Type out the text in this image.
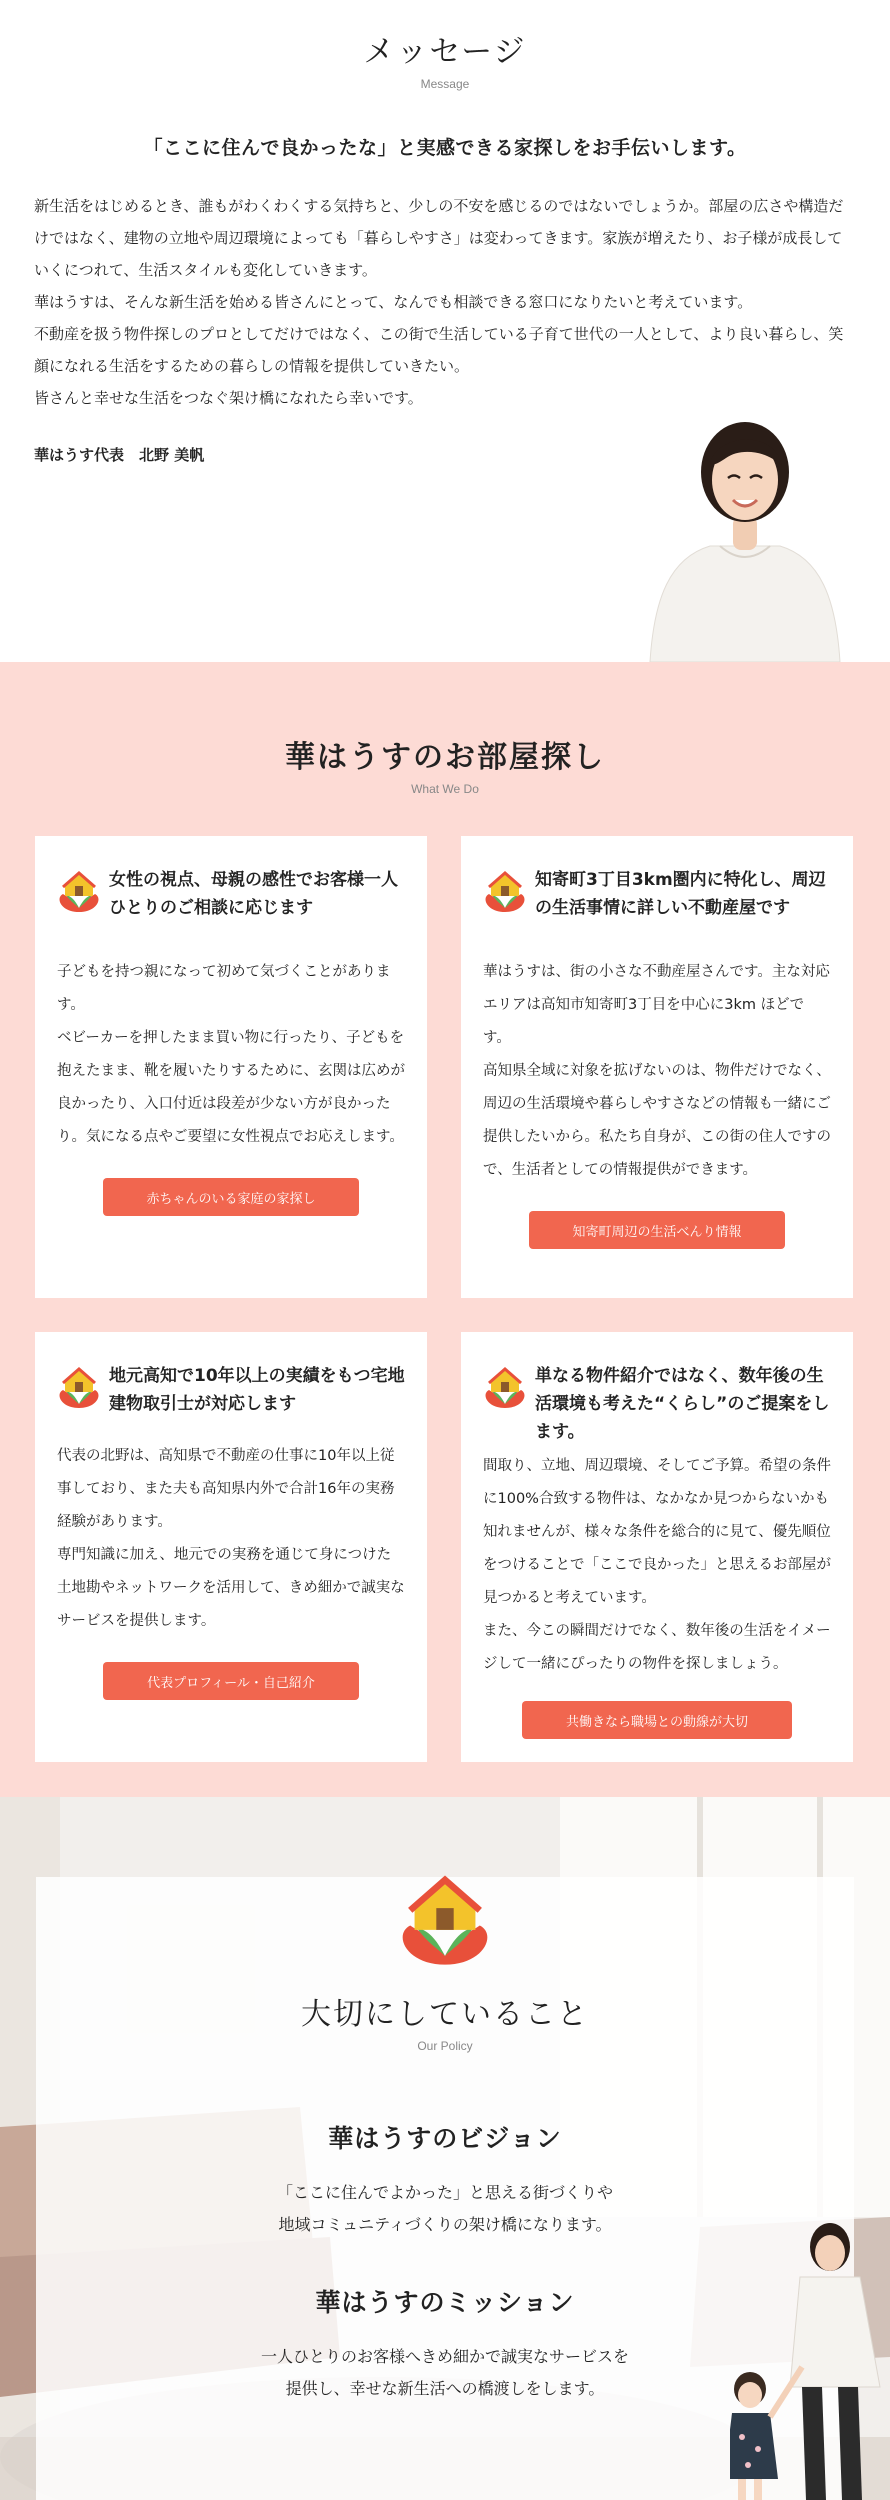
メッセージ
Message

「ここに住んで良かったな」と実感できる家探しをお手伝いします。

新生活をはじめるとき、誰もがわくわくする気持ちと、少しの不安を感じるのではないでしょうか。部屋の広さや構造だけではなく、建物の立地や周辺環境によっても「暮らしやすさ」は変わってきます。家族が増えたり、お子様が成長していくにつれて、生活スタイルも変化していきます。

華はうすは、そんな新生活を始める皆さんにとって、なんでも相談できる窓口になりたいと考えています。

不動産を扱う物件探しのプロとしてだけではなく、この街で生活している子育て世代の一人として、より良い暮らし、笑顔になれる生活をするための暮らしの情報を提供していきたい。

皆さんと幸せな生活をつなぐ架け橋になれたら幸いです。

華はうす代表　北野 美帆

華はうすのお部屋探し
What We Do
女性の視点、母親の感性でお客様一人ひとりのご相談に応じます

子どもを持つ親になって初めて気づくことがあります。

ベビーカーを押したまま買い物に行ったり、子どもを抱えたまま、靴を履いたりするために、玄関は広めが良かったり、入口付近は段差が少ない方が良かったり。気になる点やご要望に女性視点でお応えします。

赤ちゃんのいる家庭の家探し
知寄町3丁目3km圏内に特化し、周辺の生活事情に詳しい不動産屋です

華はうすは、街の小さな不動産屋さんです。主な対応エリアは高知市知寄町3丁目を中心に3km ほどです。

高知県全域に対象を拡げないのは、物件だけでなく、周辺の生活環境や暮らしやすさなどの情報も一緒にご提供したいから。私たち自身が、この街の住人ですので、生活者としての情報提供ができます。

知寄町周辺の生活べんり情報
地元高知で10年以上の実績をもつ宅地建物取引士が対応します

代表の北野は、高知県で不動産の仕事に10年以上従事しており、また夫も高知県内外で合計16年の実務経験があります。

専門知識に加え、地元での実務を通じて身につけた土地勘やネットワークを活用して、きめ細かで誠実なサービスを提供します。

代表プロフィール・自己紹介
単なる物件紹介ではなく、数年後の生活環境も考えた“くらし”のご提案をします。

間取り、立地、周辺環境、そしてご予算。希望の条件に100%合致する物件は、なかなか見つからないかも知れませんが、様々な条件を総合的に見て、優先順位をつけることで「ここで良かった」と思えるお部屋が見つかると考えています。

また、今この瞬間だけでなく、数年後の生活をイメージして一緒にぴったりの物件を探しましょう。

共働きなら職場との動線が大切
大切にしていること
Our Policy
華はうすのビジョン
「ここに住んでよかった」と思える街づくりや
地域コミュニティづくりの架け橋になります。
華はうすのミッション
一人ひとりのお客様へきめ細かで誠実なサービスを
提供し、幸せな新生活への橋渡しをします。
